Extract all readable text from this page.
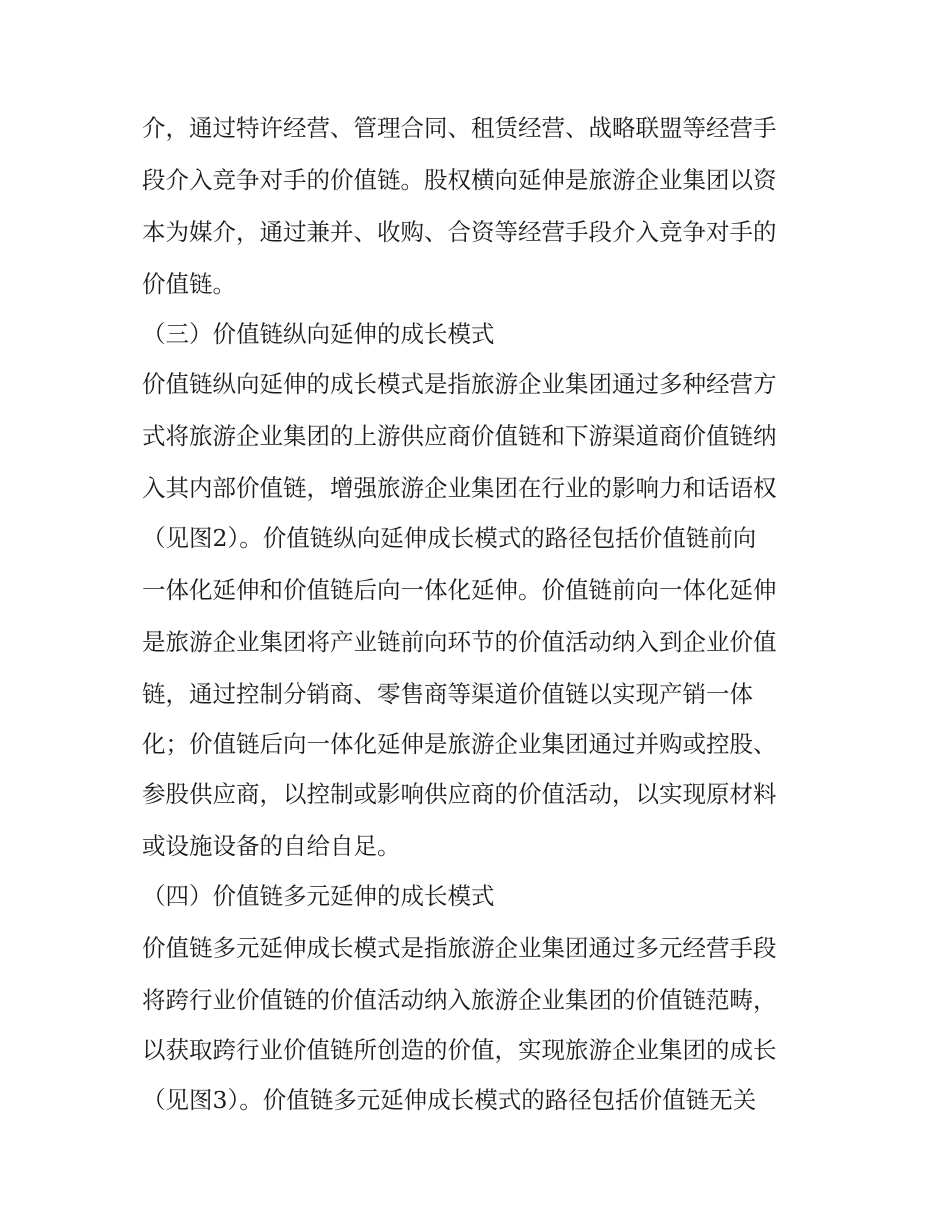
介，通过特许经营、管理合同、租赁经营、战略联盟等经营手
段介入竞争对手的价值链。股权横向延伸是旅游企业集团以资
本为媒介，通过兼并、收购、合资等经营手段介入竞争对手的
价值链。
（三）价值链纵向延伸的成长模式
价值链纵向延伸的成长模式是指旅游企业集团通过多种经营方
式将旅游企业集团的上游供应商价值链和下游渠道商价值链纳
入其内部价值链，增强旅游企业集团在行业的影响力和话语权
（见图2）。价值链纵向延伸成长模式的路径包括价值链前向
一体化延伸和价值链后向一体化延伸。价值链前向一体化延伸
是旅游企业集团将产业链前向环节的价值活动纳入到企业价值
链，通过控制分销商、零售商等渠道价值链以实现产销一体
化；价值链后向一体化延伸是旅游企业集团通过并购或控股、
参股供应商，以控制或影响供应商的价值活动，以实现原材料
或设施设备的自给自足。
（四）价值链多元延伸的成长模式
价值链多元延伸成长模式是指旅游企业集团通过多元经营手段
将跨行业价值链的价值活动纳入旅游企业集团的价值链范畴，
以获取跨行业价值链所创造的价值，实现旅游企业集团的成长
（见图3）。价值链多元延伸成长模式的路径包括价值链无关
